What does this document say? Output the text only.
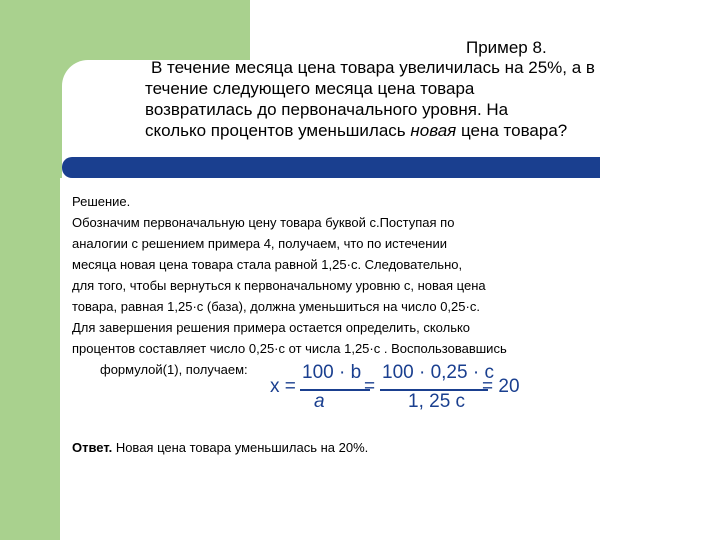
Пример 8.
В течение месяца цена товара увеличилась на 25%, а в
течение следующего месяца цена товара
возвратилась до первоначального уровня. На
сколько процентов уменьшилась новая цена товара?
Решение.
Обозначим первоначальную цену товара буквой с.Поступая по
аналогии с решением примера 4, получаем, что по истечении
месяца новая цена товара стала равной 1,25·с. Следовательно,
для того, чтобы вернуться к первоначальному уровню с, новая цена
товара, равная 1,25·с (база), должна уменьшиться на число 0,25·с.
Для завершения решения примера остается определить, сколько
процентов составляет число 0,25·с от числа 1,25·с . Воспользовавшись
формулой(1), получаем:
x =
100 · b
a
=
100 · 0,25 · c
1, 25 c
= 20
Ответ. Новая цена товара уменьшилась на 20%.
